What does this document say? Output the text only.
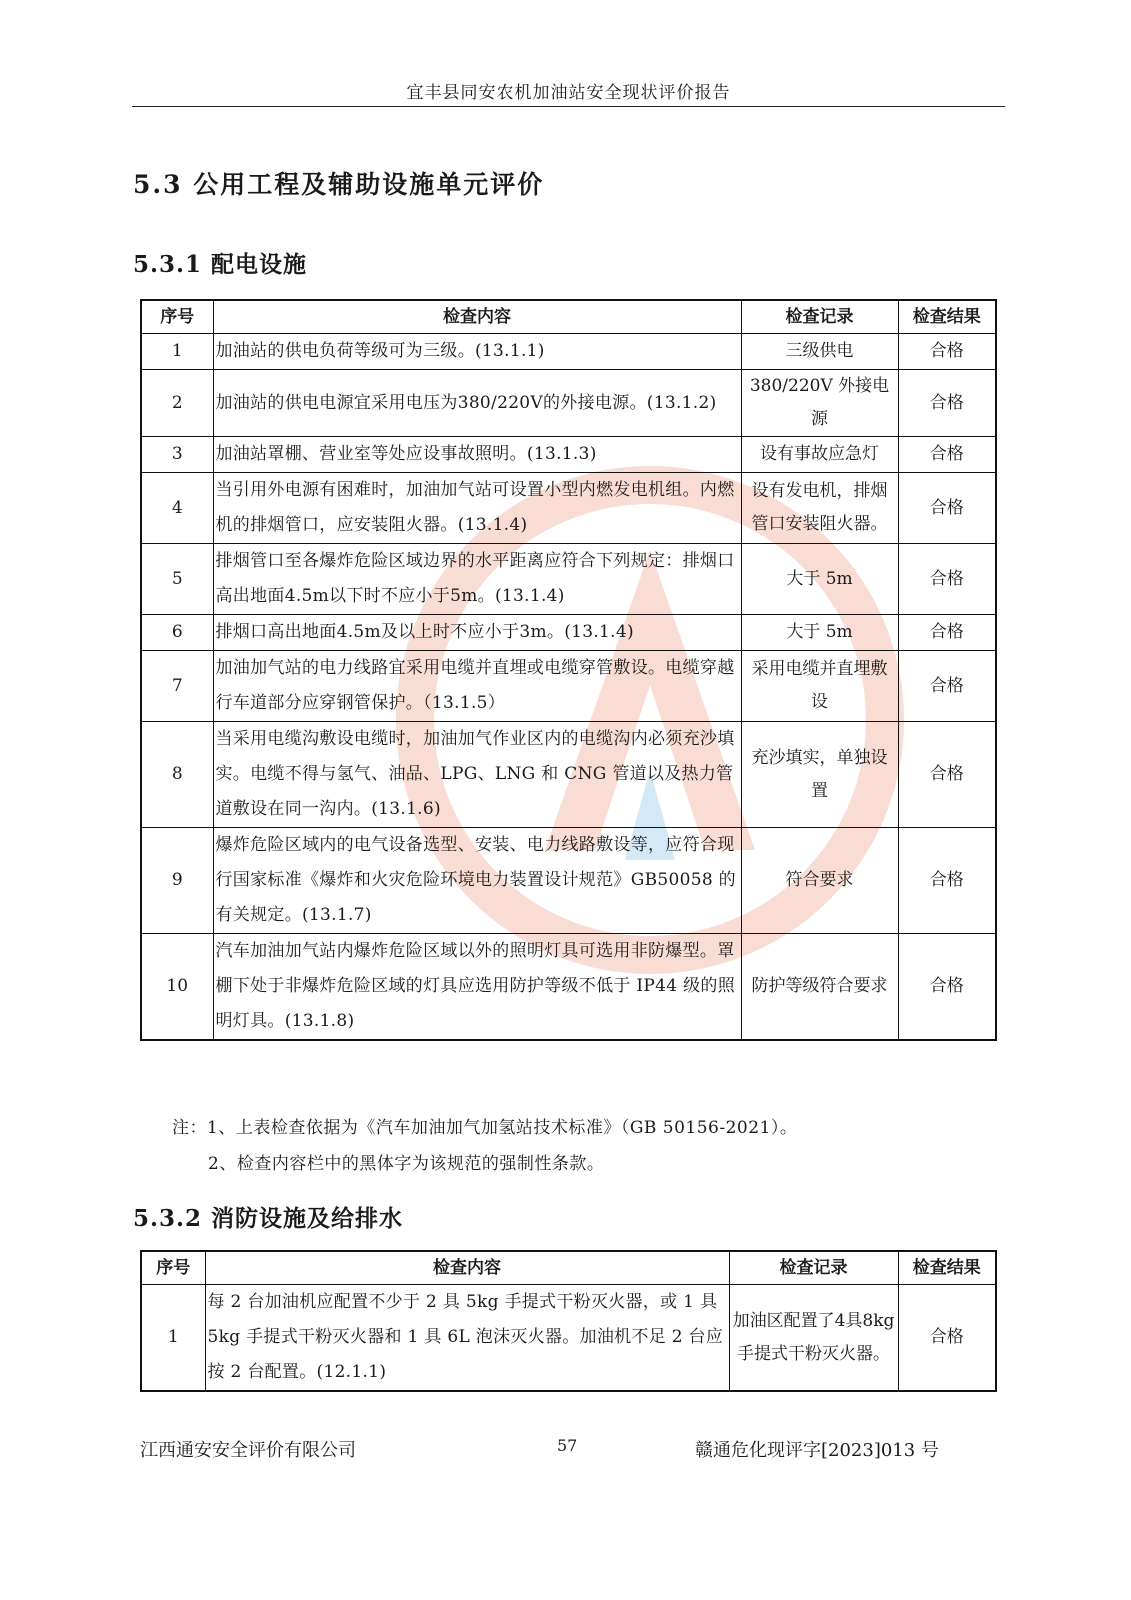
宜丰县同安农机加油站安全现状评价报告
5.3 公用工程及辅助设施单元评价
5.3.1 配电设施
序号	检查内容	检查记录	检查结果
1	加油站的供电负荷等级可为三级。(13.1.1)	三级供电	合格
2	加油站的供电电源宜采用电压为380/220V的外接电源。(13.1.2)	380/220V 外接电源	合格
3	加油站罩棚、营业室等处应设事故照明。(13.1.3)	设有事故应急灯	合格
4	当引用外电源有困难时，加油加气站可设置小型内燃发电机组。内燃机的排烟管口，应安装阻火器。(13.1.4)	设有发电机，排烟管口安装阻火器。	合格
5	排烟管口至各爆炸危险区域边界的水平距离应符合下列规定：排烟口高出地面4.5m以下时不应小于5m。(13.1.4)	大于 5m	合格
6	排烟口高出地面4.5m及以上时不应小于3m。(13.1.4)	大于 5m	合格
7	加油加气站的电力线路宜采用电缆并直埋或电缆穿管敷设。电缆穿越行车道部分应穿钢管保护。（13.1.5）	采用电缆并直埋敷设	合格
8	当采用电缆沟敷设电缆时，加油加气作业区内的电缆沟内必须充沙填实。电缆不得与氢气、油品、LPG、LNG 和 CNG 管道以及热力管道敷设在同一沟内。(13.1.6)	充沙填实，单独设置	合格
9	爆炸危险区域内的电气设备选型、安装、电力线路敷设等，应符合现行国家标准《爆炸和火灾危险环境电力装置设计规范》GB50058 的有关规定。(13.1.7)	符合要求	合格
10	汽车加油加气站内爆炸危险区域以外的照明灯具可选用非防爆型。罩棚下处于非爆炸危险区域的灯具应选用防护等级不低于 IP44 级的照明灯具。(13.1.8)	防护等级符合要求	合格
注：1、上表检查依据为《汽车加油加气加氢站技术标准》（GB 50156-2021）。
2、检查内容栏中的黑体字为该规范的强制性条款。
5.3.2 消防设施及给排水
序号	检查内容	检查记录	检查结果
1	每 2 台加油机应配置不少于 2 具 5kg 手提式干粉灭火器，或 1 具 5kg 手提式干粉灭火器和 1 具 6L 泡沫灭火器。加油机不足 2 台应按 2 台配置。(12.1.1)	加油区配置了4具8kg手提式干粉灭火器。	合格
江西通安安全评价有限公司	57	赣通危化现评字[2023]013 号
